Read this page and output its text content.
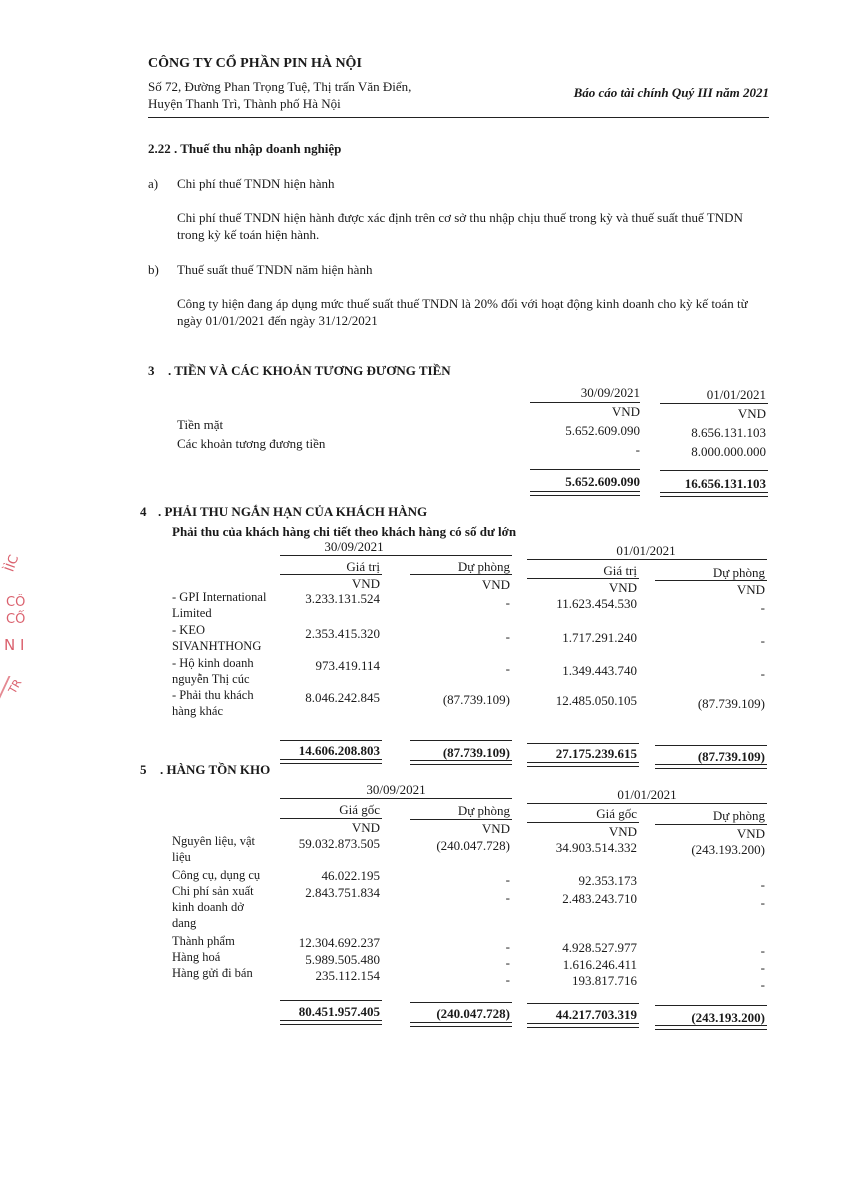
CÔNG TY CỔ PHẦN PIN HÀ NỘI
Số 72, Đường Phan Trọng Tuệ, Thị trấn Văn Điển,
Huyện Thanh Trì, Thành phố Hà Nội
Báo cáo tài chính Quý III năm 2021
2.22 . Thuế thu nhập doanh nghiệp
a) Chi phí thuế TNDN hiện hành
Chi phí thuế TNDN hiện hành được xác định trên cơ sở thu nhập chịu thuế trong kỳ và thuế suất thuế TNDN
trong kỳ kế toán hiện hành.
b) Thuế suất thuế TNDN năm hiện hành
Công ty hiện đang áp dụng mức thuế suất thuế TNDN là 20% đối với hoạt động kinh doanh cho kỳ kế toán từ
ngày 01/01/2021 đến ngày 31/12/2021
3 . TIỀN VÀ CÁC KHOẢN TƯƠNG ĐƯƠNG TIỀN
30/09/2021	01/01/2021
VND	VND
Tiền mặt	5.652.609.090	8.656.131.103
Các khoản tương đương tiền	-	8.000.000.000
5.652.609.090	16.656.131.103
4 . PHẢI THU NGẮN HẠN CỦA KHÁCH HÀNG
Phải thu của khách hàng chi tiết theo khách hàng có số dư lớn
30/09/2021	01/01/2021
Giá trị	Dự phòng	Giá trị	Dự phòng
VND	VND	VND	VND
- GPI International
Limited
3.233.131.524	-	11.623.454.530	-
- KEO
SIVANHTHONG
2.353.415.320	-	1.717.291.240	-
- Hộ kinh doanh
nguyễn Thị cúc
973.419.114	-	1.349.443.740	-
- Phải thu khách
hàng khác
8.046.242.845	(87.739.109)	12.485.050.105	(87.739.109)
14.606.208.803	(87.739.109)	27.175.239.615	(87.739.109)
5 . HÀNG TỒN KHO
30/09/2021	01/01/2021
Giá gốc	Dự phòng	Giá gốc	Dự phòng
VND	VND	VND	VND
Nguyên liệu, vật
liệu
59.032.873.505	(240.047.728)	34.903.514.332	(243.193.200)
Công cụ, dụng cụ	46.022.195	-	92.353.173	-
Chi phí sản xuất
kinh doanh dở
dang
2.843.751.834	-	2.483.243.710	-
Thành phẩm	12.304.692.237	-	4.928.527.977	-
Hàng hoá	5.989.505.480	-	1.616.246.411	-
Hàng gửi đi bán	235.112.154	-	193.817.716	-
80.451.957.405	(240.047.728)	44.217.703.319	(243.193.200)
ÌÌC
CÔ
CỔ
N I
TR
